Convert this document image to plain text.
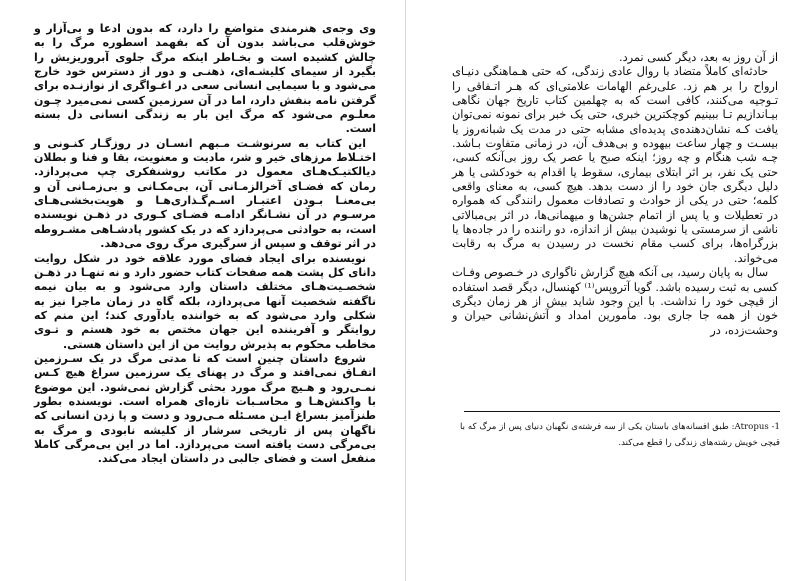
وی وجه‌ی هنرمندی متواضع را دارد، که بدون ادعا و بی‌آزار و خوش‌قلب می‌باشد بدون آن که بفهمد اسطوره مرگ را به چالش کشیده است و بخـاطر اینکه مرگ جلوی آبروریزیش را بگیرد از سیمای کلیشـه‌ای، ذهنـی و دور از دسترس خود خارج می‌شود و با سیمایی انسانی سعی در اغـواگری از نوازنـده برای گرفتن نامه بنفش دارد، اما در آن سرزمین کسی نمی‌میرد چـون معلـوم می‌شود که مرگ این بار به زندگی انسانی دل بسته است.

این کتاب به سرنوشـت مـبهم انسـان در روزگـار کنـونی و اختـلاط مرزهای خیر و شر، مادیت و معنویت، بقا و فنا و بطلان دیالکتیـک‌هـای معمول در مکاتب روشنفکری چپ می‌پردازد. رمان که فضـای آخرالزمـانی آن، بی‌مکـانی و بی‌زمـانی آن و بی‌معنـا بـودن اعتبـار اسـم‌گـذاری‌هـا و هویت‌بخشی‌هـای مرسـوم در آن نشـانگر ادامـه فضـای کـوری در ذهـن نویسنده است، به حوادثی می‌پردازد که در یک کشور پادشـاهی مشـروطه در اثر توقف و سپس از سرگیری مرگ روی می‌دهد.

نویسنده برای ایجاد فضای مورد علاقه خود در شکل روایت دانای کل پشت همه صفحات کتاب حضور دارد و نه تنهـا در ذهـن شخصـیت‌هـای مختلف داستان وارد می‌شود و به بیان نیمه ناگفته شخصیت آنها می‌پردازد، بلکه گاه در زمان ماجرا نیز به شکلی وارد می‌شود که به خواننده یادآوری کند؛ این منم که روایتگر و آفریننده این جهان مختص به خود هستم و تـوی مخاطب محکوم به پذیرش روایت من از این داستان هستی.

شروع داستان چنین است که تا مدتی مرگ در یک سـرزمین اتفـاق نمی‌افتد و مرگ در پهنای یک سرزمین سراغ هیچ کـس نمـی‌رود و هـیچ مرگ مورد بحثی گزارش نمی‌شود. این موضوع با واکنش‌هـا و محاسـبات تازه‌ای همراه است. نویسنده بطور طنزآمیز بسراغ ایـن مسـئله مـی‌رود و دست و پا زدن انسانی که ناگهان پس از تاریخی سرشار از کلیشه نابودی و مرگ به بی‌مرگی دست یافته است می‌پردازد. اما در این بی‌مرگی کاملا منفعل است و فضای جالبی در داستان ایجاد می‌کند.

از آن روز به بعد، دیگر کسی نمرد.

حادثه‌ای کاملاً متضاد با روال عادی زندگی، که حتی هـماهنگی دنیـای ارواح را بر هم زد. علی‌رغم الهامات علامتی‌ای که هـر اتـفاقی را تـوجیه می‌کنند، کافی است که به چهلمین کتاب تاریخ جهان نگاهی بیـاندازیم تـا ببینیم کوچکترین خبری، حتی یک خبر برای نمونه نمی‌توان یافت کـه نشان‌دهنده‌ی پدیده‌ای مشابه حتی در مدت یک شبانه‌روز یا بیسـت و چهار ساعت بیهوده و بی‌هدف آن، در زمانی متفاوت بـاشد. چـه شب هنگام و چه روز؛ اینکه صبح یا عصر یک روز بی‌آنکه کسی، حتی یک نفر، بر اثر ابتلای بیماری، سقوط یا اقدام به خودکشی یا هر دلیل دیگری جان خود را از دست بدهد. هیچ کسی، به معنای واقعی کلمه؛ حتی در یکی از حوادث و تصادفات معمول رانندگی که همواره در تعطیلات و یا پس از اتمام جشن‌ها و میهمانی‌ها، در اثر بی‌مبالاتی ناشی از سرمستی یا نوشیدن بیش از اندازه، دو راننده را در جاده‌ها یا بزرگراه‌ها، برای کسب مقام نخست در رسیدن به مرگ به رقابت می‌خواند.

سال به پایان رسید، بی آنکه هیچ گزارش ناگواری در خـصوص وفـات کسی به ثبت رسیده باشد. گویا آتروپس⁽¹⁾ کهنسال، دیگر قصد استفاده از قیچی خود را نداشت. با این وجود شاید بیش از هر زمان دیگری خون از همه جا جاری بود. مأمورین امداد و آتش‌نشانی حیران و وحشت‌زده، در

1- Atropus: طبق افسانه‌های باستان یکی از سه فرشته‌ی نگهبان دنیای پس از مرگ که با قیچی خویش رشته‌های زندگی را قطع می‌کند.
